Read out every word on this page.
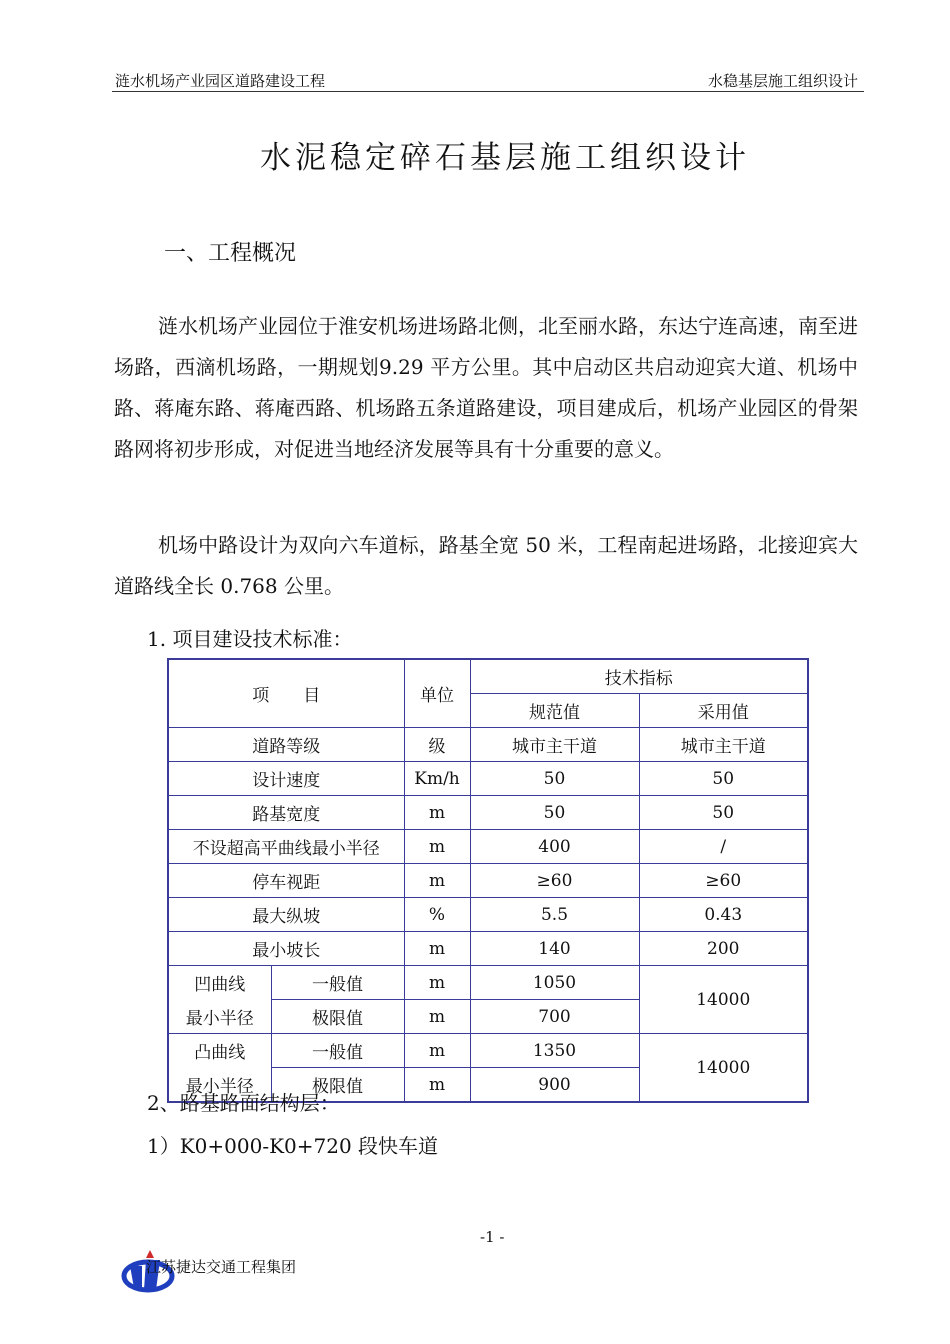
涟水机场产业园区道路建设工程	水稳基层施工组织设计
水泥稳定碎石基层施工组织设计
一、工程概况

涟水机场产业园位于淮安机场进场路北侧，北至丽水路，东达宁连高速，南至进场路，西滴机场路，一期规划9.29 平方公里。其中启动区共启动迎宾大道、机场中路、蒋庵东路、蒋庵西路、机场路五条道路建设，项目建成后，机场产业园区的骨架路网将初步形成，对促进当地经济发展等具有十分重要的意义。

机场中路设计为双向六车道标，路基全宽 50 米，工程南起进场路，北接迎宾大道路线全长 0.768 公里。

1. 项目建设技术标准：
项　　目		单位	技术指标	
			规范值	采用值
道路等级		级	城市主干道	城市主干道
设计速度		Km/h	50	50
路基宽度		m	50	50
不设超高平曲线最小半径		m	400	/
停车视距		m	≥60	≥60
最大纵坡		%	5.5	0.43
最小坡长		m	140	200
凹曲线	一般值	m	1050	14000
最小半径	极限值	m	700	
凸曲线	一般值	m	1350	14000
最小半径	极限值	m	900	
2、路基路面结构层：
1）K0+000-K0+720 段快车道
-1 -
江苏捷达交通工程集团
